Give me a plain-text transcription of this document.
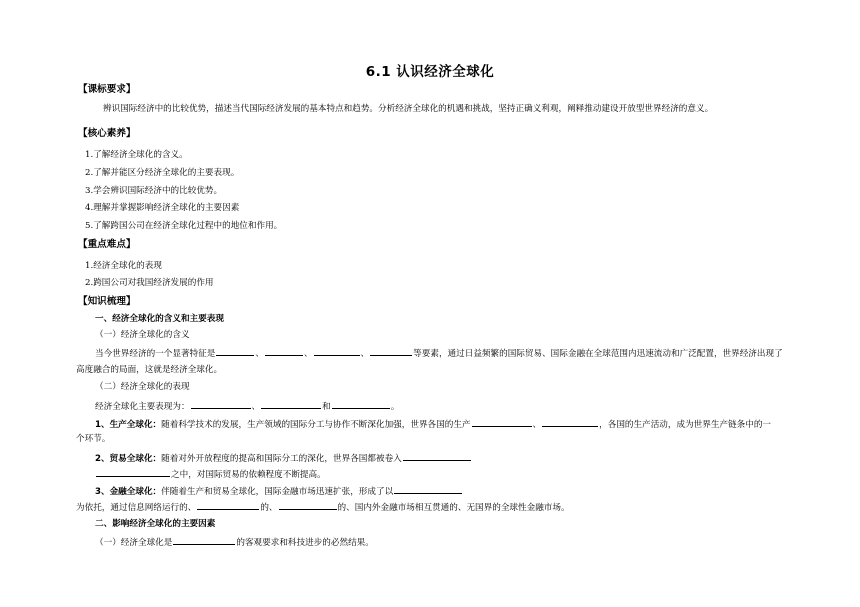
6.1 认识经济全球化
【课标要求】
辨识国际经济中的比较优势，描述当代国际经济发展的基本特点和趋势。分析经济全球化的机遇和挑战，坚持正确义利观，阐释推动建设开放型世界经济的意义。
【核心素养】
1.了解经济全球化的含义。
2.了解并能区分经济全球化的主要表现。
3.学会辨识国际经济中的比较优势。
4.理解并掌握影响经济全球化的主要因素
5.了解跨国公司在经济全球化过程中的地位和作用。
【重点难点】
1.经济全球化的表现
2.跨国公司对我国经济发展的作用
【知识梳理】
一、经济全球化的含义和主要表现
（一）经济全球化的含义
当今世界经济的一个显著特征是	、	、	、	等要素，通过日益频繁的国际贸易、国际金融在全球范围内迅速流动和广泛配置，世界经济出现了
高度融合的局面，这就是经济全球化。
（二）经济全球化的表现
经济全球化主要表现为：	、	和	。
1、生产全球化：随着科学技术的发展，生产领域的国际分工与协作不断深化加强，世界各国的生产	、	，各国的生产活动，成为世界生产链条中的一
个环节。
2、贸易全球化：随着对外开放程度的提高和国际分工的深化，世界各国都被卷入
之中，对国际贸易的依赖程度不断提高。
3、金融全球化：伴随着生产和贸易全球化，国际金融市场迅速扩张，形成了以
为依托，通过信息网络运行的、	的、	的、国内外金融市场相互贯通的、无国界的全球性金融市场。
二、影响经济全球化的主要因素
（一）经济全球化是	的客观要求和科技进步的必然结果。
